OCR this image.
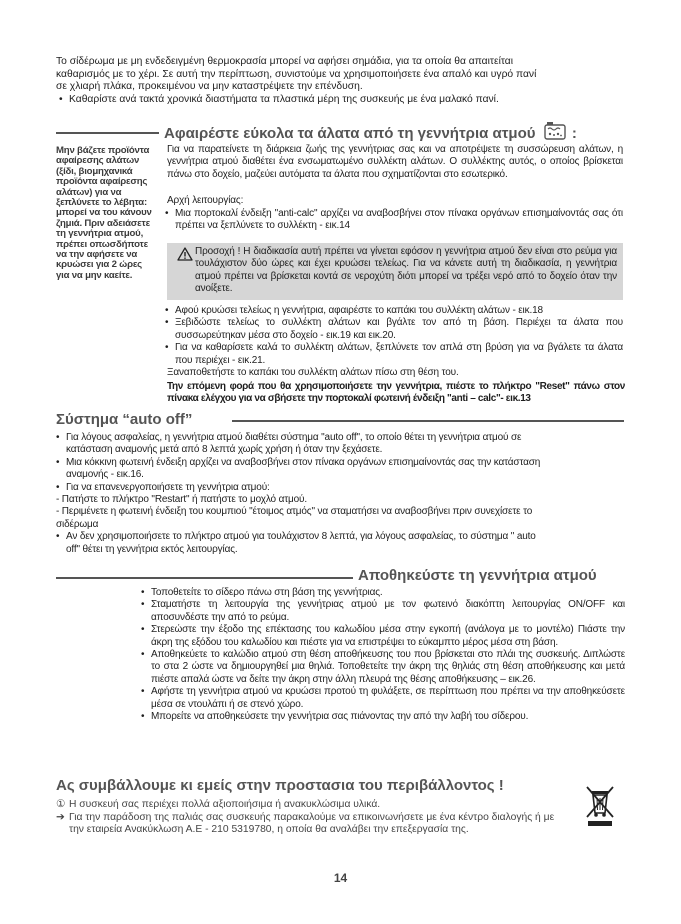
Το σίδέρωμα με μη ενδεδειγμένη θερμοκρασία μπορεί να αφήσει σημάδια, για τα οποία θα απαιτείται καθαρισμός με το χέρι. Σε αυτή την περίπτωση, συνιστούμε να χρησιμοποιήσετε ένα απαλό και υγρό πανί σε χλιαρή πλάκα, προκειμένου να μην καταστρέψετε την επένδυση.

• Καθαρίστε ανά τακτά χρονικά διαστήματα τα πλαστικά μέρη της συσκευής με ένα μαλακό πανί.

Αφαιρέστε εύκολα τα άλατα από τη γεννήτρια ατμού :
Μην βάζετε προϊόντα αφαίρεσης αλάτων (ξίδι, βιομηχανικά προϊόντα αφαίρεσης αλάτων) για να ξεπλύνετε το λέβητα: μπορεί να του κάνουν ζημιά. Πριν αδειάσετε τη γεννήτρια ατμού, πρέπει οπωσδήποτε να την αφήσετε να κρυώσει για 2 ώρες για να μην καείτε.
Για να παρατείνετε τη διάρκεια ζωής της γεννήτριας σας και να αποτρέψετε τη συσσώρευση αλάτων, η γεννήτρια ατμού διαθέτει ένα ενσωματωμένο συλλέκτη αλάτων. Ο συλλέκτης αυτός, ο οποίος βρίσκεται πάνω στο δοχείο, μαζεύει αυτόματα τα άλατα που σχηματίζονται στο εσωτερικό.
Αρχή λειτουργίας:
• Μια πορτοκαλί ένδειξη "anti-calc" αρχίζει να αναβοσβήνει στον πίνακα οργάνων επισημαίνοντάς σας ότι πρέπει να ξεπλύνετε το συλλέκτη - εικ.14

Προσοχή ! Η διαδικασία αυτή πρέπει να γίνεται εφόσον η γεννήτρια ατμού δεν είναι στο ρεύμα για τουλάχιστον δύο ώρες και έχει κρυώσει τελείως. Για να κάνετε αυτή τη διαδικασία, η γεννήτρια ατμού πρέπει να βρίσκεται κοντά σε νεροχύτη διότι μπορεί να τρέξει νερό από το δοχείο όταν την ανοίξετε.

• Αφού κρυώσει τελείως η γεννήτρια, αφαιρέστε το καπάκι του συλλέκτη αλάτων - εικ.18

• Ξεβιδώστε τελείως το συλλέκτη αλάτων και βγάλτε τον από τη βάση. Περιέχει τα άλατα που συσσωρεύτηκαν μέσα στο δοχείο - εικ.19 και εικ.20.

• Για να καθαρίσετε καλά το συλλέκτη αλάτων, ξεπλύνετε τον απλά στη βρύση για να βγάλετε τα άλατα που περιέχει - εικ.21.

Ξαναποθετήστε το καπάκι του συλλέκτη αλάτων πίσω στη θέση του.
Την επόμενη φορά που θα χρησιμοποιήσετε την γεννήτρια, πιέστε το πλήκτρο "Reset" πάνω στον πίνακα ελέγχου για να σβήσετε την πορτοκαλί φωτεινή ένδειξη "anti – calc"- εικ.13
Σύστημα “auto off”

• Για λόγους ασφαλείας, η γεννήτρια ατμού διαθέτει σύστημα "auto off", το οποίο θέτει τη γεννήτρια ατμού σε κατάσταση αναμονής μετά από 8 λεπτά χωρίς χρήση ή όταν την ξεχάσετε.

• Μια κόκκινη φωτεινή ένδειξη αρχίζει να αναβοσβήνει στον πίνακα οργάνων επισημαίνοντάς σας την κατάσταση αναμονής - εικ.16.

• Για να επανενεργοποιήσετε τη γεννήτρια ατμού:

- Πατήστε το πλήκτρο "Restart" ή πατήστε το μοχλό ατμού.

- Περιμένετε η φωτεινή ένδειξη του κουμπιού "έτοιμος ατμός" να σταματήσει να αναβοσβήνει πριν συνεχίσετε το σιδέρωμα

• Αν δεν χρησιμοποιήσετε το πλήκτρο ατμού για τουλάχιστον 8 λεπτά, για λόγους ασφαλείας, το σύστημα " auto off" θέτει τη γεννήτρια εκτός λειτουργίας.

Αποθηκεύστε τη γεννήτρια ατμού

• Τοποθετείτε το σίδερο πάνω στη βάση της γεννήτριας.

• Σταματήστε τη λειτουργία της γεννήτριας ατμού με τον φωτεινό διακόπτη λειτουργίας ON/OFF και αποσυνδέστε την από το ρεύμα.

• Στερεώστε την έξοδο της επέκτασης του καλωδίου μέσα στην εγκοπή (ανάλογα με το μοντέλο) Πιάστε την άκρη της εξόδου του καλωδίου και πιέστε για να επιστρέψει το εύκαμπτο μέρος μέσα στη βάση.

• Αποθηκεύετε το καλώδιο ατμού στη θέση αποθήκευσης του που βρίσκεται στο πλάι της συσκευής. Διπλώστε το στα 2 ώστε να δημιουργηθεί μια θηλιά. Τοποθετείτε την άκρη της θηλιάς στη θέση αποθήκευσης και μετά πιέστε απαλά ώστε να δείτε την άκρη στην άλλη πλευρά της θέσης αποθήκευσης – εικ.26.

• Αφήστε τη γεννήτρια ατμού να κρυώσει προτού τη φυλάξετε, σε περίπτωση που πρέπει να την αποθηκεύσετε μέσα σε ντουλάπι ή σε στενό χώρο.

• Μπορείτε να αποθηκεύσετε την γεννήτρια σας πιάνοντας την από την λαβή του σίδερου.

Ας συμβάλλουμε κι εμείς στην προστασια του περιβάλλοντος !
① Η συσκευή σας περιέχει πολλά αξιοποιήσιμα ή ανακυκλώσιμα υλικά.
➔ Για την παράδοση της παλιάς σας συσκευής παρακαλούμε να επικοινωνήσετε με ένα κέντρο διαλογής ή με την εταιρεία Ανακύκλωση Α.Ε - 210 5319780, η οποία θα αναλάβει την επεξεργασία της.
14
